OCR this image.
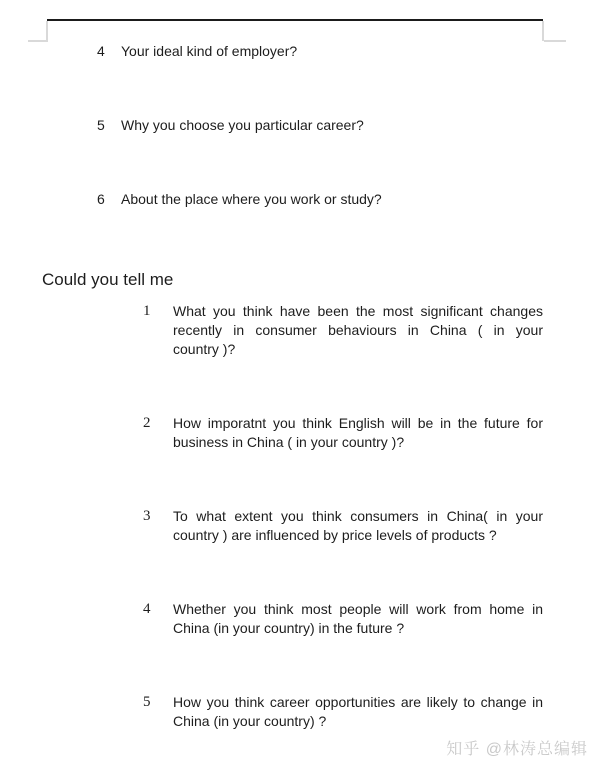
4 Your ideal kind of employer?
5 Why you choose you particular career?
6 About the place where you work or study?
Could you tell me
1 What you think have been the most significant changes
recently in consumer behaviours in China ( in your
country )?
2 How imporatnt you think English will be in the future for
business in China ( in your country )?
3 To what extent you think consumers in China( in your
country ) are influenced by price levels of products ?
4 Whether you think most people will work from home in
China (in your country) in the future ?
5 How you think career opportunities are likely to change in
China (in your country) ?
知乎 @林涛总编辑
